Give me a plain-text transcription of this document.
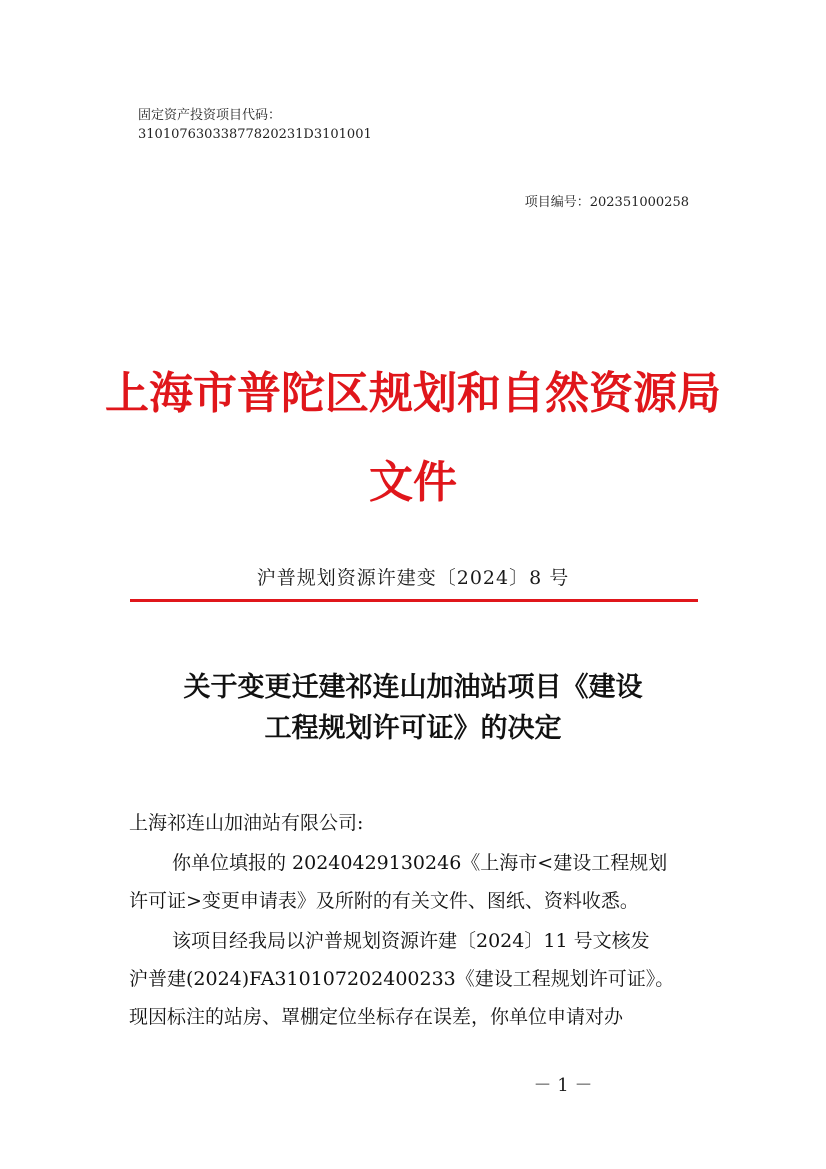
固定资产投资项目代码：
31010763033877820231D3101001
项目编号：202351000258
上海市普陀区规划和自然资源局
文件
沪普规划资源许建变〔2024〕8 号
关于变更迁建祁连山加油站项目《建设
工程规划许可证》的决定
上海祁连山加油站有限公司:
你单位填报的 20240429130246《上海市<建设工程规划
许可证>变更申请表》及所附的有关文件、图纸、资料收悉。
该项目经我局以沪普规划资源许建〔2024〕11 号文核发
沪普建(2024)FA310107202400233《建设工程规划许可证》。
现因标注的站房、罩棚定位坐标存在误差，你单位申请对办
－ 1 －
